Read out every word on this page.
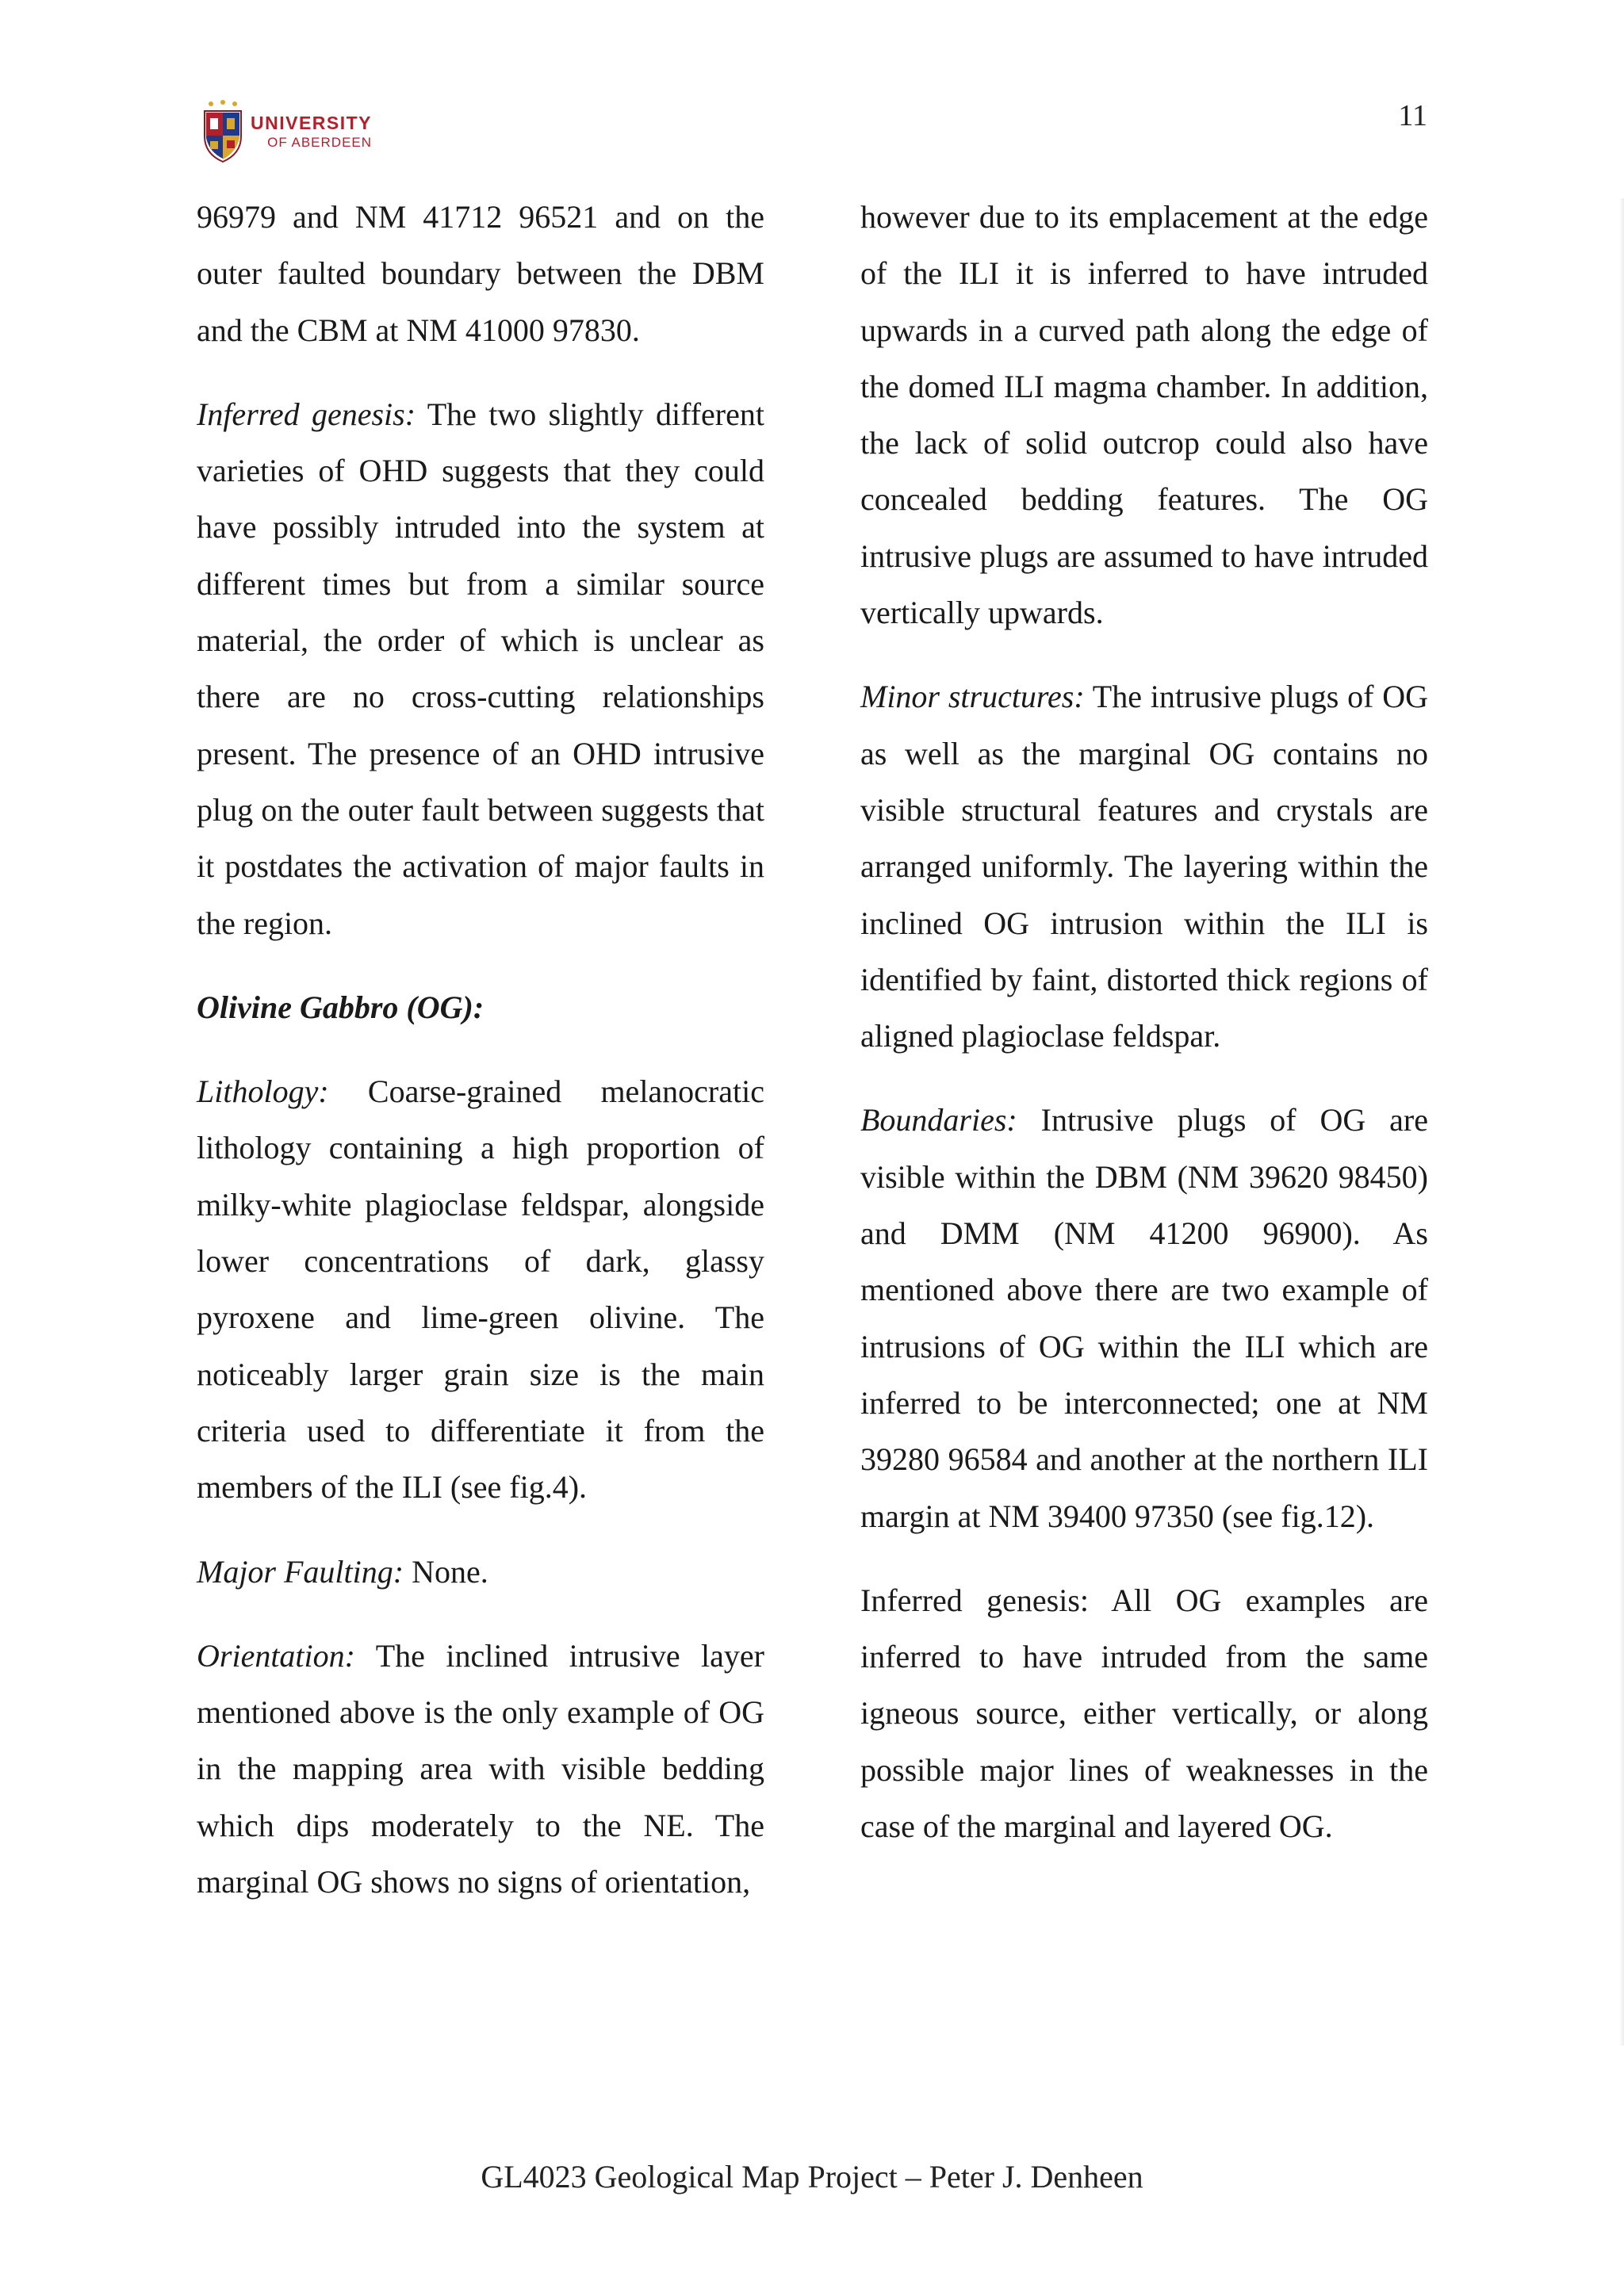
UNIVERSITY
OF ABERDEEN
11

96979 and NM 41712 96521 and on the outer faulted boundary between the DBM and the CBM at NM 41000 97830.

Inferred genesis: The two slightly different varieties of OHD suggests that they could have possibly intruded into the system at different times but from a similar source material, the order of which is unclear as there are no cross-cutting relationships present. The presence of an OHD intrusive plug on the outer fault between suggests that it postdates the activation of major faults in the region.

Olivine Gabbro (OG):

Lithology: Coarse-grained melanocratic lithology containing a high proportion of milky-white plagioclase feldspar, alongside lower concentrations of dark, glassy pyroxene and lime-green olivine. The noticeably larger grain size is the main criteria used to differentiate it from the members of the ILI (see fig.4).

Major Faulting: None.

Orientation: The inclined intrusive layer mentioned above is the only example of OG in the mapping area with visible bedding which dips moderately to the NE. The marginal OG shows no signs of orientation,

however due to its emplacement at the edge of the ILI it is inferred to have intruded upwards in a curved path along the edge of the domed ILI magma chamber. In addition, the lack of solid outcrop could also have concealed bedding features. The OG intrusive plugs are assumed to have intruded vertically upwards.

Minor structures: The intrusive plugs of OG as well as the marginal OG contains no visible structural features and crystals are arranged uniformly. The layering within the inclined OG intrusion within the ILI is identified by faint, distorted thick regions of aligned plagioclase feldspar.

Boundaries: Intrusive plugs of OG are visible within the DBM (NM 39620 98450) and DMM (NM 41200 96900). As mentioned above there are two example of intrusions of OG within the ILI which are inferred to be interconnected; one at NM 39280 96584 and another at the northern ILI margin at NM 39400 97350 (see fig.12).

Inferred genesis: All OG examples are inferred to have intruded from the same igneous source, either vertically, or along possible major lines of weaknesses in the case of the marginal and layered OG.

GL4023 Geological Map Project – Peter J. Denheen
